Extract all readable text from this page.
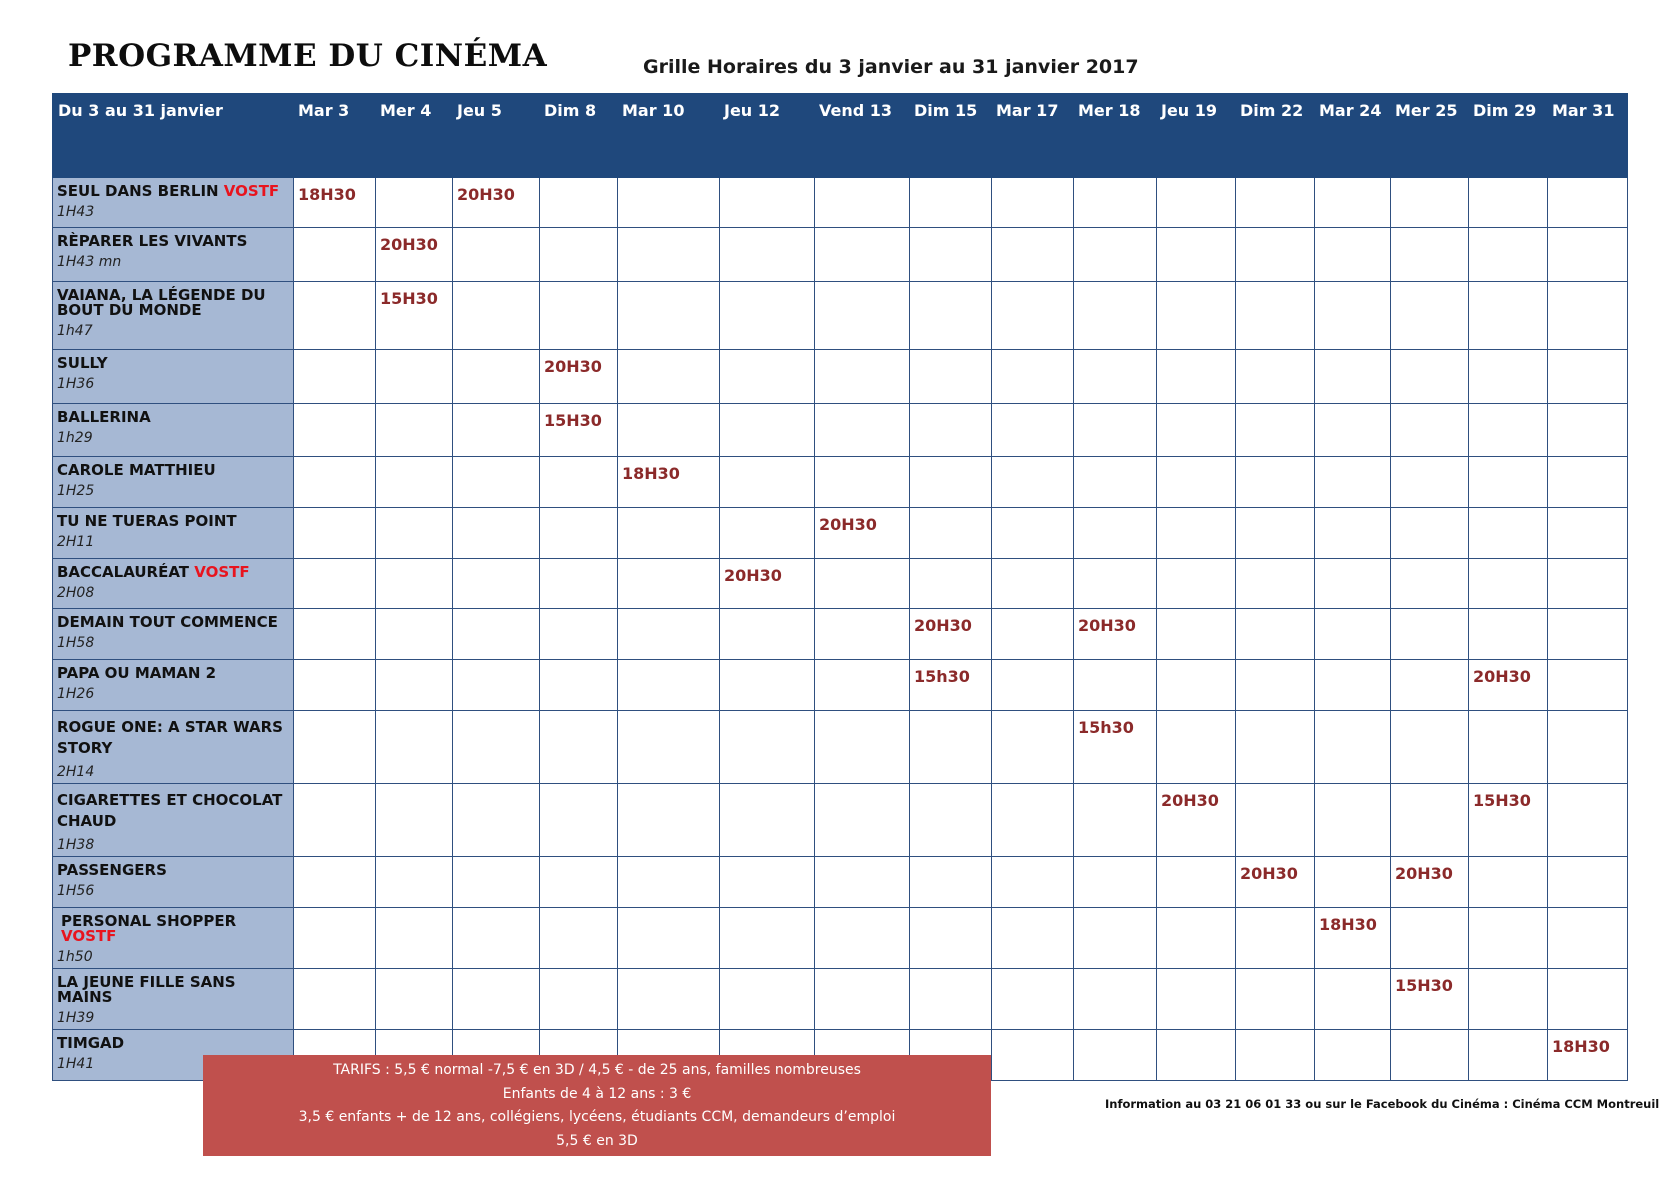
PROGRAMME DU CINÉMA	Grille Horaires du 3 janvier au 31 janvier 2017
Du 3 au 31 janvier	Mar 3	Mer 4	Jeu 5	Dim 8	Mar 10	Jeu 12	Vend 13	Dim 15	Mar 17	Mer 18	Jeu 19	Dim 22	Mar 24	Mer 25	Dim 29	Mar 31

SEUL DANS BERLIN VOSTF
1H43	18H30		20H30													

RÈPARER LES VIVANTS
1H43 mn		20H30														

VAIANA, LA LÉGENDE DU BOUT DU MONDE
1h47		15H30														

SULLY
1H36				20H30												

BALLERINA
1h29				15H30												

CAROLE MATTHIEU
1H25					18H30											

TU NE TUERAS POINT
2H11							20H30									

BACCALAURÉAT VOSTF
2H08						20H30										

DEMAIN TOUT COMMENCE
1H58								20H30		20H30						

PAPA OU MAMAN 2
1H26								15h30							20H30	

ROGUE ONE: A STAR WARS STORY
2H14										15h30						

CIGARETTES ET CHOCOLAT CHAUD
1H38											20H30				15H30	

PASSENGERS
1H56												20H30		20H30		

PERSONAL SHOPPER VOSTF
1h50													18H30			

LA JEUNE FILLE SANS MAINS
1H39														15H30		

TIMGAD
1H41																18H30
TARIFS : 5,5 € normal -7,5 € en 3D / 4,5 € - de 25 ans, familles nombreuses
Enfants de 4 à 12 ans : 3 €
3,5 € enfants + de 12 ans, collégiens, lycéens, étudiants CCM, demandeurs d’emploi
5,5 € en 3D
Information au 03 21 06 01 33 ou sur le Facebook du Cinéma : Cinéma CCM Montreuil
